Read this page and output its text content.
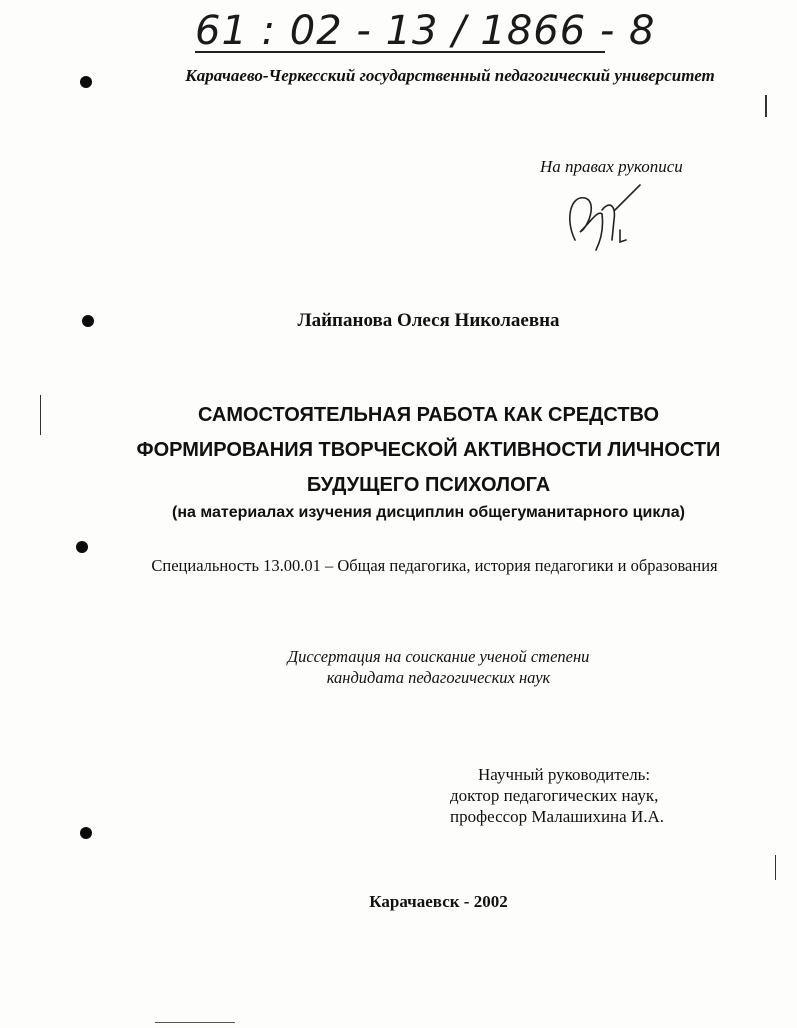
61 : 02 - 13 / 1866 - 8
Карачаево-Черкесский государственный педагогический университет
На правах рукописи
Лайпанова Олеся Николаевна
САМОСТОЯТЕЛЬНАЯ РАБОТА КАК СРЕДСТВО
ФОРМИРОВАНИЯ ТВОРЧЕСКОЙ АКТИВНОСТИ ЛИЧНОСТИ
БУДУЩЕГО ПСИХОЛОГА
(на материалах изучения дисциплин общегуманитарного цикла)
Специальность 13.00.01 – Общая педагогика, история педагогики и образования
Диссертация на соискание ученой степени
кандидата педагогических наук
Научный руководитель:
доктор педагогических наук,
профессор Малашихина И.А.
Карачаевск - 2002
